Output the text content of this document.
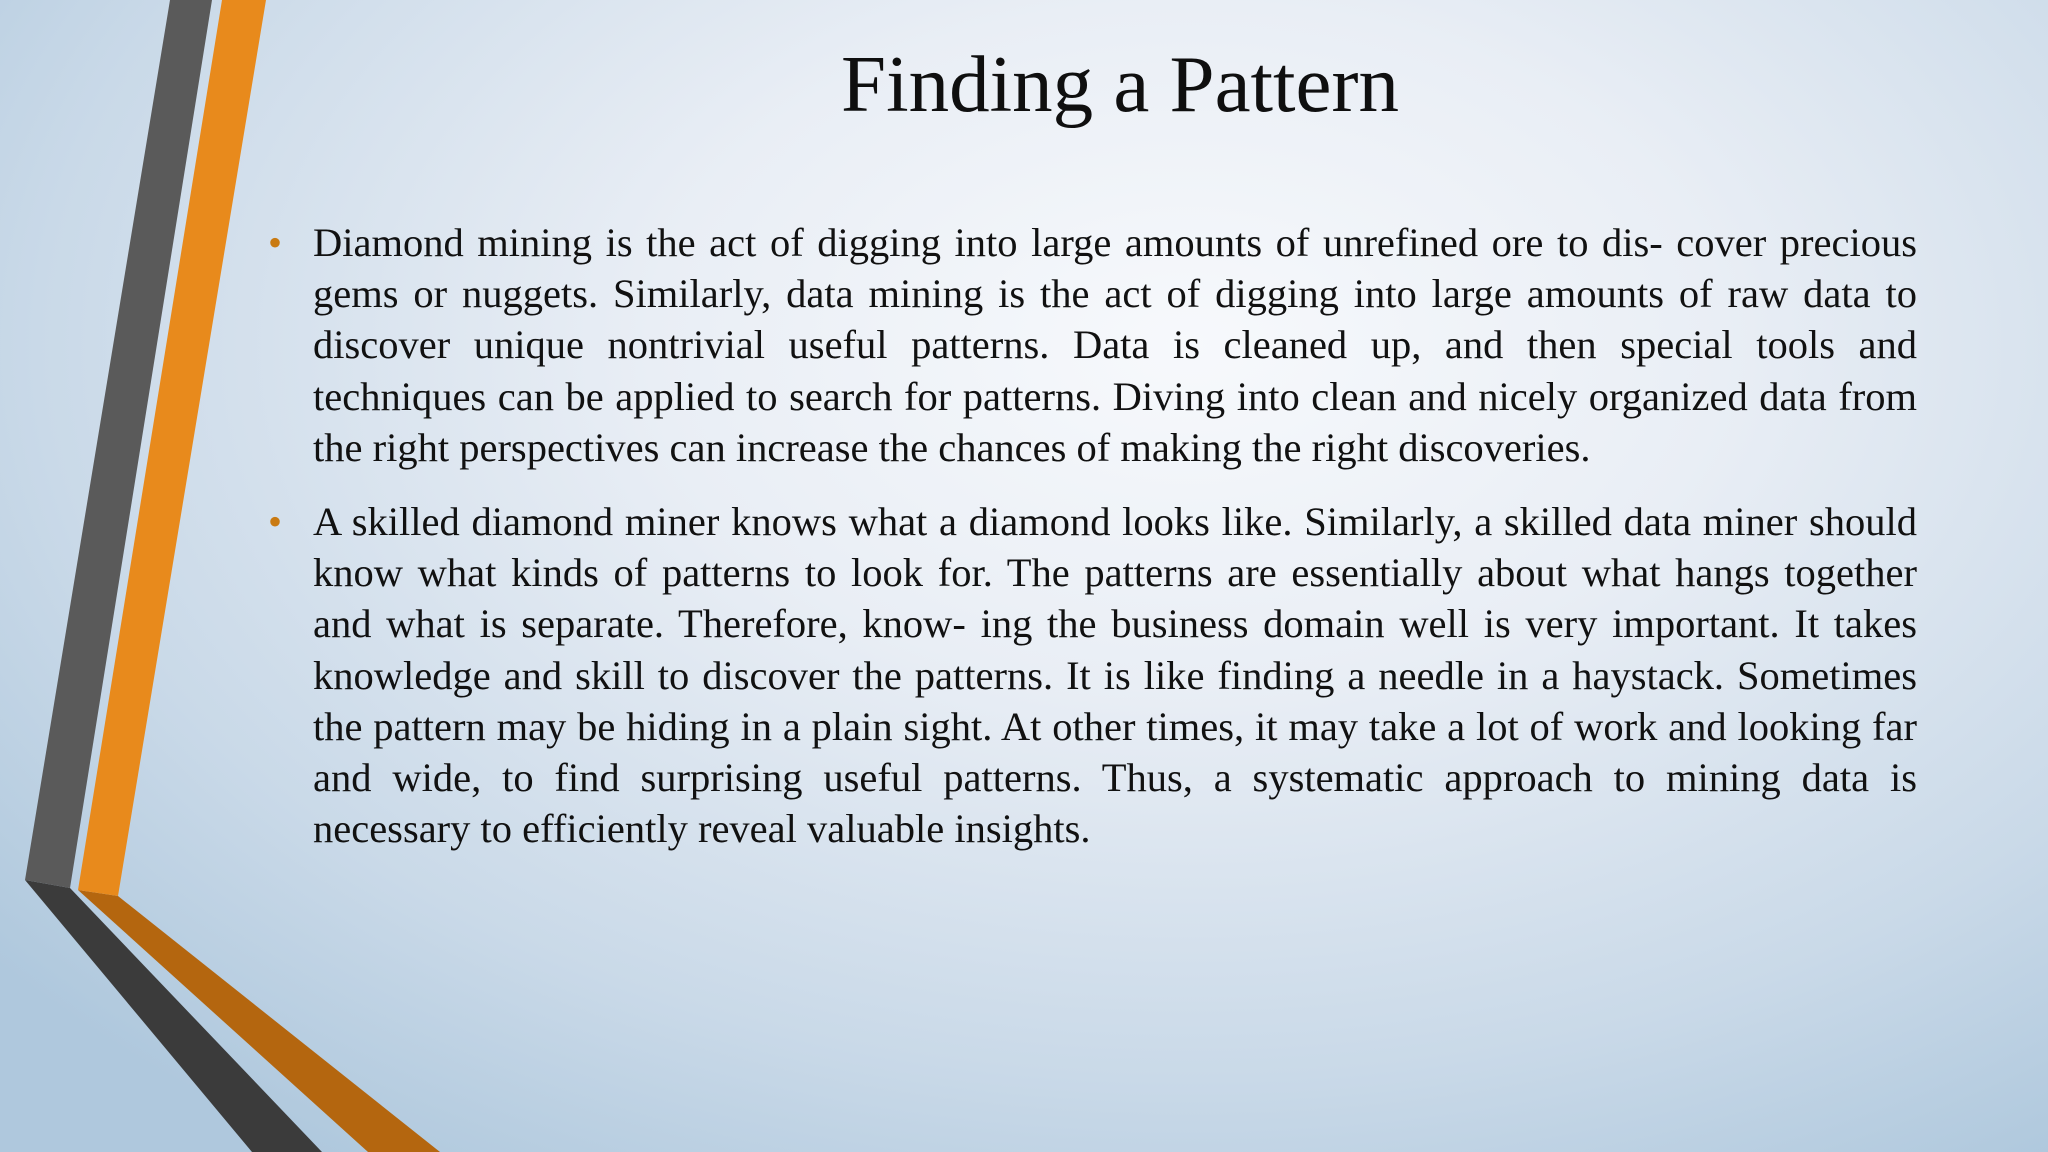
Finding a Pattern
• Diamond mining is the act of digging into large amounts of unrefined ore to dis- cover precious gems or nuggets. Similarly, data mining is the act of digging into large amounts of raw data to discover unique nontrivial useful patterns. Data is cleaned up, and then special tools and techniques can be applied to search for patterns. Diving into clean and nicely organized data from the right perspectives can increase the chances of making the right discoveries.
• A skilled diamond miner knows what a diamond looks like. Similarly, a skilled data miner should know what kinds of patterns to look for. The patterns are essentially about what hangs together and what is separate. Therefore, know- ing the business domain well is very important. It takes knowledge and skill to discover the patterns. It is like finding a needle in a haystack. Sometimes the pattern may be hiding in a plain sight. At other times, it may take a lot of work and looking far and wide, to find surprising useful patterns. Thus, a systematic approach to mining data is necessary to efficiently reveal valuable insights.
